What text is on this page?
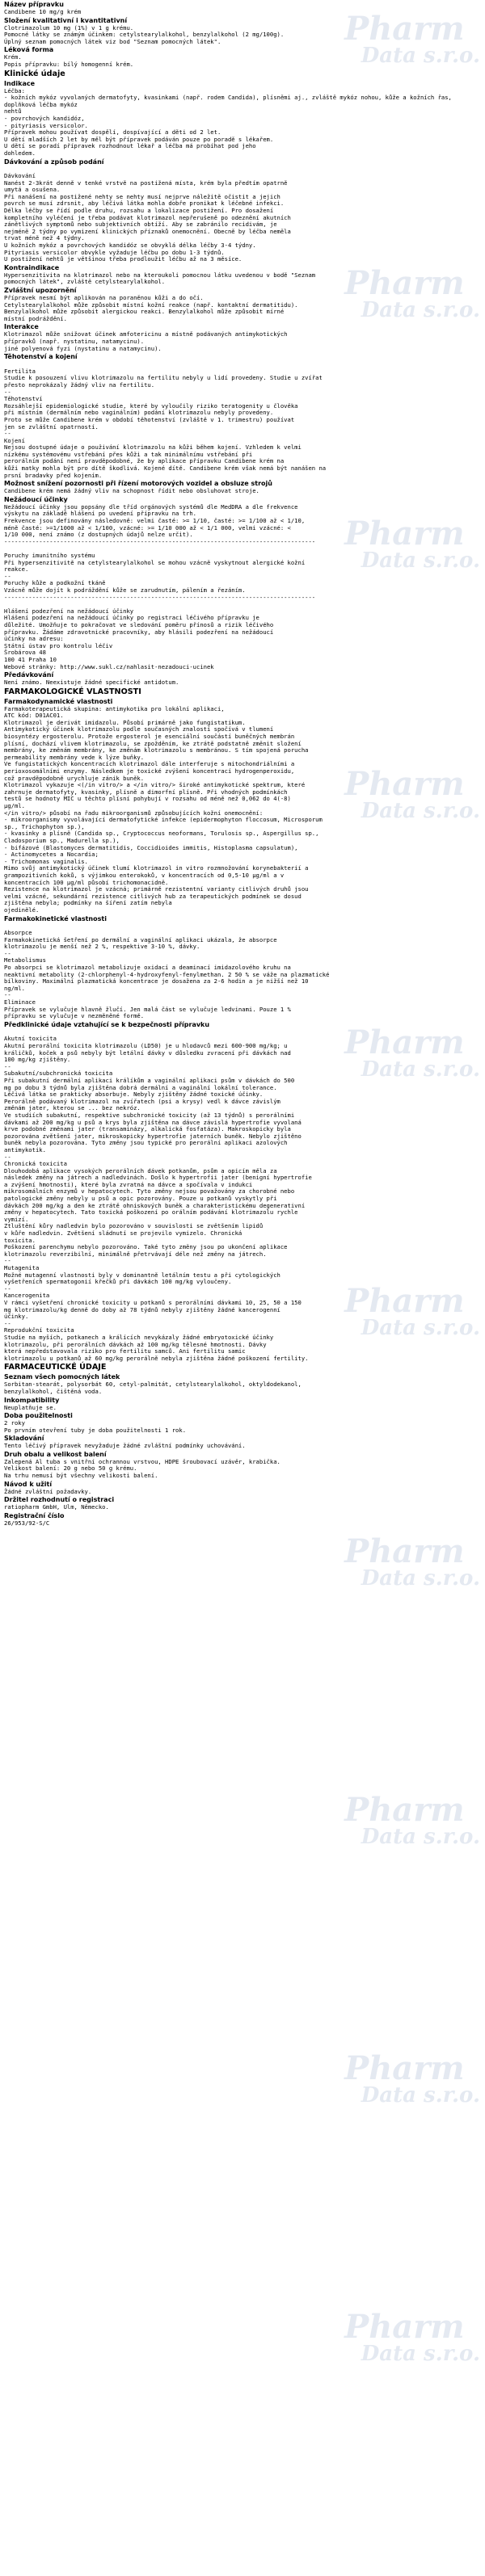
Pharm
Data s.r.o.
Pharm
Data s.r.o.
Pharm
Data s.r.o.
Pharm
Data s.r.o.
Pharm
Data s.r.o.
Pharm
Data s.r.o.
Pharm
Data s.r.o.
Pharm
Data s.r.o.
Pharm
Data s.r.o.
Pharm
Data s.r.o.
Název přípravku
Candibene 10 mg/g krém
Složení kvalitativní i kvantitativní
Clotrimazolum 10 mg (1%) v 1 g krému.
Pomocné látky se známým účinkem: cetylstearylalkohol, benzylalkohol (2 mg/100g).
Úplný seznam pomocných látek viz bod "Seznam pomocných látek".
Léková forma
Krém.
Popis přípravku: bílý homogenní krém.
Klinické údaje
Indikace
Léčba:
- kožních mykóz vyvolaných dermatofyty, kvasinkami (např. rodem Candida), plísněmi aj., zvláště mykóz nohou, kůže a kožních řas, doplňková léčba mykóz
nehtů
- povrchových kandidóz,
- pityriasis versicolor.
Přípravek mohou používat dospělí, dospívající a děti od 2 let.
U dětí mladších 2 let by měl být přípravek podáván pouze po poradě s lékařem.
U dětí se poradí přípravek rozhodnout lékař a léčba má probíhat pod jeho
dohledem.
Dávkování a způsob podání

Dávkování
Nanést 2-3krát denně v tenké vrstvě na postižená místa, krém byla předtím opatrně
umytá a osušena.
Při nanášení na postižené nehty se nehty musí nejprve náležitě očistit a jejich
povrch se musí zdrsnit, aby léčivá látka mohla dobře pronikat k léčebné infekci.
Délka léčby se řídí podle druhu, rozsahu a lokalizace postižení. Pro dosažení
kompletního vyléčení je třeba podávat klotrimazol nepřerušeně po odeznění akutních
zánětlivých symptomů nebo subjektivních obtíží. Aby se zabránilo recidivám, je
nejméně 2 týdny po vymizení klinických příznaků onemocnění. Obecně by léčba neměla
trvat méně než 4 týdny.
U kožních mykóz a povrchových kandidóz se obvyklá délka léčby 3-4 týdny.
Pityriasis versicolor obvykle vyžaduje léčbu po dobu 1-3 týdnů.
U postižení nehtů je většinou třeba prodloužit léčbu až na 3 měsíce.
Kontraindikace
Hypersenzitivita na klotrimazol nebo na kteroukoli pomocnou látku uvedenou v bodě "Seznam
pomocných látek", zvláště cetylstearylalkohol.
Zvláštní upozornění
Přípravek nesmí být aplikován na poraněnou kůži a do očí.
Cetylstearylalkohol může způsobit místní kožní reakce (např. kontaktní dermatitidu).
Benzylalkohol může způsobit alergickou reakci. Benzylalkohol může způsobit mírné
místní podráždění.
Interakce
Klotrimazol může snižovat účinek amfotericinu a místně podávaných antimykotických
přípravků (např. nystatinu, natamycinu).
jiné polyenová fyzi (nystatinu a natamycinu).
Těhotenství a kojení

Fertilita
Studie k posouzení vlivu klotrimazolu na fertilitu nebyly u lidí provedeny. Studie u zvířat
přesto neprokázaly žádný vliv na fertilitu.
--
Těhotenství
Rozsáhlejší epidemiologické studie, které by vyloučily riziko teratogenity u člověka
při místním (dermálním nebo vaginálním) podání klotrimazolu nebyly provedeny.
Proto se může Candibene krém v období těhotenství (zvláště v 1. trimestru) používat
jen se zvláštní opatrností.
--
Kojení
Nejsou dostupné údaje o použivání klotrimazolu na kůži během kojení. Vzhledem k velmi
nízkému systémovému vstřebání přes kůži a tak minimálnímu vstřebání při
perorálním podání není pravděpodobné, že by aplikace přípravku Candibene krém na
kůži matky mohla být pro dítě škodlivá. Kojené dítě. Candibene krém však nemá být nanášen na
prsní bradavky před kojením.
Možnost snížení pozornosti při řízení motorových vozidel a obsluze strojů
Candibene krém nemá žádný vliv na schopnost řídit nebo obsluhovat stroje.
Nežádoucí účinky
Nežádoucí účinky jsou popsány dle tříd orgánových systémů dle MedDRA a dle frekvence
výskytu na základě hlášení po uvedení přípravku na trh.
Frekvence jsou definovány následovně: velmi časté: >= 1/10, časté: >= 1/100 až < 1/10,
méně časté: >=1/1000 až < 1/100, vzácné: >= 1/10 000 až < 1/1 000, velmi vzácné: <
1/10 000, není známo (z dostupných údajů nelze určit).
-----------------------------------------------------------------------------------------

Poruchy imunitního systému
Při hypersenzitivitě na cetylstearylalkohol se mohou vzácně vyskytnout alergické kožní
reakce.
--
Poruchy kůže a podkožní tkáně
Vzácně může dojít k podráždění kůže se zarudnutím, pálením a řezáním.
-----------------------------------------------------------------------------------------

Hlášení podezření na nežádoucí účinky
Hlášení podezření na nežádoucí účinky po registraci léčivého přípravku je
důležité. Umožňuje to pokračovat ve sledování poměru přínosů a rizik léčivého
přípravku. Žádáme zdravotnické pracovníky, aby hlásili podezření na nežádoucí
účinky na adresu:
Státní ústav pro kontrolu léčiv
Šrobárova 48
100 41 Praha 10
Webové stránky: http://www.sukl.cz/nahlasit-nezadouci-ucinek
Předávkování
Není známo. Neexistuje žádné specifické antidotum.
FARMAKOLOGICKÉ VLASTNOSTI
Farmakodynamické vlastnosti
Farmakoterapeutická skupina: antimykotika pro lokální aplikaci,
ATC kód: D01AC01.
Klotrimazol je derivát imidazolu. Působí primárně jako fungistatikum.
Antimykotický účinek klotrimazolu podle současných znalostí spočívá v tlumení
biosyntézy ergosterolu. Protože ergosterol je esenciální součástí buněčných membrán
plísní, dochází vlivem klotrimazolu, se zpožděním, ke ztrátě podstatně změnit složení
membrány, ke změnám membrány, ke změnám klotrimazolu s membránou. S tím spojená porucha
permeability membrány vede k lýze buňky.
Ve fungistatických koncentracích klotrimazol dále interferuje s mitochondriálními a
perioxosomálními enzymy. Následkem je toxické zvýšení koncentrací hydrogenperoxidu,
což pravděpodobně urychluje zánik buněk.
Klotrimazol vykazuje <(/in vitro/> a </in vitro/> široké antimykotické spektrum, které
zahrnuje dermatofyty, kvasinky, plísně a dimorfní plísně. Při vhodných podmínkách
testů se hodnoty MIC u těchto plísní pohybují v rozsahu od méně než 0,062 do 4(-8)
µg/ml.
</in vitro/> působí na řadu mikroorganismů způsobujících kožní onemocnění:
- mikroorganismy vyvolávající dermatofytické infekce (epidermophyton floccosum, Microsporum
sp., Trichophyton sp.),
- kvasinky a plísně (Candida sp., Cryptococcus neoformans, Torulosis sp., Aspergillus sp.,
Cladosporium sp., Madurella sp.),
- bifázové (Blastomyces dermatitidis, Coccidioides immitis, Histoplasma capsulatum),
- Actinomycetes a Nocardia;
- Trichomonas vaginalis.
Mimo svůj antimykotický účinek tlumí klotrimazol in vitro rozmnožování korynebakterií a
grampozitivních koků, s výjimkou enterokoků, v koncentracích od 0,5-10 µg/ml a v
koncentracích 100 µg/ml působí trichomonacidně.
Rezistence na klotrimazol je vzácná; primárně rezistentní varianty citlivých druhů jsou
velmi vzácné, sekundární rezistence citlivých hub za terapeutických podmínek se dosud
zjištěna nebyla; podmínky na šíření zatím nebyla
ojedinělé.
Farmakokinetické vlastnosti

Absorpce
Farmakokinetická šetření po dermální a vaginální aplikaci ukázala, že absorpce
klotrimazolu je menší než 2 %, respektive 3-10 %, dávky.
--
Metabolismus
Po absorpci se klotrimazol metabolizuje oxidací a deaminací imidazolového kruhu na
neaktivní metabolity (2-chlorphenyl-4-hydroxyfenyl-fenylmethan. 2 50 % se váže na plazmatické
bílkoviny. Maximální plazmatická koncentrace je dosažena za 2-6 hodin a je nižší než 10
ng/ml.
--
Eliminace
Přípravek se vylučuje hlavně žlučí. Jen malá část se vylučuje ledvinami. Pouze 1 %
přípravku se vylučuje v nezměněné formě.
Předklinické údaje vztahující se k bezpečnosti přípravku

Akutní toxicita
Akutní perorální toxicita klotrimazolu (LD50) je u hlodavců mezi 600-900 mg/kg; u
králičků, koček a psů nebyly být letální dávky v důsledku zvracení při dávkách nad
100 mg/kg zjištěny.
--
Subakutní/subchronická toxicita
Při subakutní dermální aplikaci králíkům a vaginální aplikaci psům v dávkách do 500
mg po dobu 3 týdnů byla zjištěna dobrá dermální a vaginální lokální tolerance.
Léčivá látka se prakticky absorbuje. Nebyly zjištěny žádné toxické účinky.
Perorálně podávaný klotrimazol na zvířatech (psi a krysy) vedl k dávce závislým
změnám jater, kterou se ... bez nekróz.
Ve studiích subakutní, respektive subchronické toxicity (až 13 týdnů) s perorálními
dávkami až 200 mg/kg u psů a krys byla zjištěna na dávce závislá hypertrofie vyvolaná
krve podobné změnami jater (transaminázy, alkalická fosfatáza). Makroskopicky byla
pozorována zvětšení jater, mikroskopicky hypertrofie jaterních buněk. Nebylo zjištěno
buněk nebyla pozorována. Tyto změny jsou typické pro perorální aplikaci azolových
antimykotik.
--
Chronická toxicita
Dlouhodobá aplikace vysokých perorálních dávek potkanům, psům a opicím měla za
následek změny na játrech a nadledvinách. Došlo k hypertrofii jater (benigní hypertrofie
a zvýšení hmotnosti), které byla zvratná na dávce a spočívala v indukci
mikrosomálních enzymů v hepatocytech. Tyto změny nejsou považovány za chorobné nebo
patologické změny nebyly u psů a opic pozorovány. Pouze u potkanů vyskytly při
dávkách 200 mg/kg a den ke ztrátě ohniskových buněk a charakteristickému degenerativní
změny v hepatocytech. Tato toxická poškození po orálním podávání klotrimazolu rychle
vymizí.
Ztluštění kůry nadledvin bylo pozorováno v souvislosti se zvětšením lipidů
v kůře nadledvin. Zvětšení sládnutí se projevilo vymizelo. Chronická
toxicita.
Poškození parenchymu nebylo pozorováno. Také tyto změny jsou po ukončení aplikace
klotrimazolu reverzibilní, minimálně přetrvávají déle než změny na játrech.
--
Mutagenita
Možné mutagenní vlastnosti byly v dominantně letálním testu a při cytologických
vyšetřeních spermatogonií křečků při dávkách 100 mg/kg vyloučeny.
--
Kancerogenita
V rámci vyšetření chronické toxicity u potkanů s perorálními dávkami 10, 25, 50 a 150
mg klotrimazolu/kg denně do doby až 78 týdnů nebyly zjištěny žádné kancerogenní
účinky.
--
Reprodukční toxicita
Studie na myších, potkanech a králících nevykázaly žádné embryotoxické účinky
klotrimazolu, při perorálních dávkách až 100 mg/kg tělesné hmotnosti. Dávky
která nepředstavovala riziko pro fertilitu samců. Ani fertilitu samic
klotrimazolu u potkanů až 60 mg/kg perorálně nebyla zjištěna žádné poškození fertility.
FARMACEUTICKÉ ÚDAJE
Seznam všech pomocných látek
Sorbitan-stearát, polysorbát 60, cetyl-palmitát, cetylstearylalkohol, oktyldodekanol,
benzylalkohol, čištěná voda.
Inkompatibility
Neuplatňuje se.
Doba použitelnosti
2 roky
Po prvním otevření tuby je doba použitelnosti 1 rok.
Skladování
Tento léčivý přípravek nevyžaduje žádné zvláštní podmínky uchovávání.
Druh obalu a velikost balení
Zalepená Al tuba s vnitřní ochrannou vrstvou, HDPE šroubovací uzávěr, krabička.
Velikost balení: 20 g nebo 50 g krému.
Na trhu nemusí být všechny velikosti balení.
Návod k užití
Žádné zvláštní požadavky.
Držitel rozhodnutí o registraci
ratiopharm GmbH, Ulm, Německo.
Registrační číslo
26/953/92-S/C
